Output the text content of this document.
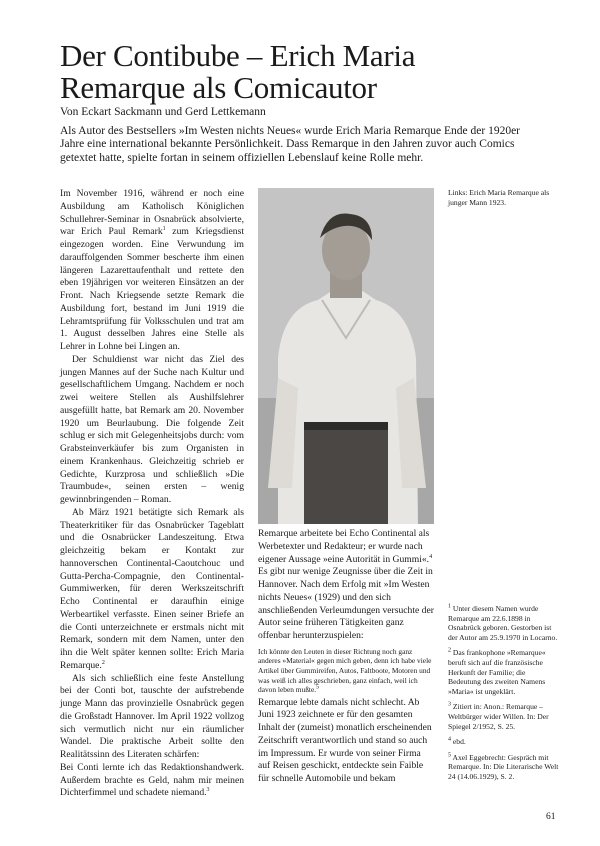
Der Contibube – Erich Maria Remarque als Comicautor
Von Eckart Sackmann und Gerd Lettkemann

Als Autor des Bestsellers »Im Westen nichts Neues« wurde Erich Maria Remarque Ende der 1920er Jahre eine international bekannte Persönlichkeit. Dass Remarque in den Jahren zuvor auch Comics getextet hatte, spielte fortan in seinem offiziellen Lebenslauf keine Rolle mehr.

Im November 1916, während er noch eine Ausbildung am Katholisch Königlichen Schullehrer-Seminar in Osnabrück absolvierte, war Erich Paul Remark$^1$ zum Kriegsdienst eingezogen worden. Eine Verwundung im darauffolgenden Sommer bescherte ihm einen längeren Lazarettaufenthalt und rettete den eben 19jährigen vor weiteren Einsätzen an der Front. Nach Kriegsende setzte Remark die Ausbildung fort, bestand im Juni 1919 die Lehramtsprüfung für Volksschulen und trat am 1. August desselben Jahres eine Stelle als Lehrer in Lohne bei Lingen an.

Der Schuldienst war nicht das Ziel des jungen Mannes auf der Suche nach Kultur und gesellschaftlichem Umgang. Nachdem er noch zwei weitere Stellen als Aushilfslehrer ausgefüllt hatte, bat Remark am 20. November 1920 um Beurlaubung. Die folgende Zeit schlug er sich mit Gelegenheitsjobs durch: vom Grabsteinverkäufer bis zum Organisten in einem Krankenhaus. Gleichzeitig schrieb er Gedichte, Kurzprosa und schließlich »Die Traumbude«, seinen ersten – wenig gewinnbringenden – Roman.

Ab März 1921 betätigte sich Remark als Theaterkritiker für das Osnabrücker Tageblatt und die Osnabrücker Landeszeitung. Etwa gleichzeitig bekam er Kontakt zur hannoverschen Continental-Caoutchouc und Gutta-Percha-Compagnie, den Continental-Gummiwerken, für deren Werkszeitschrift Echo Continental er daraufhin einige Werbeartikel verfasste. Einen seiner Briefe an die Conti unterzeichnete er erstmals nicht mit Remark, sondern mit dem Namen, unter den ihn die Welt später kennen sollte: Erich Maria Remarque.$^2$

Als sich schließlich eine feste Anstellung bei der Conti bot, tauschte der aufstrebende junge Mann das provinzielle Osnabrück gegen die Großstadt Hannover. Im April 1922 vollzog sich vermutlich nicht nur ein räumlicher Wandel. Die praktische Arbeit sollte den Realitätssinn des Literaten schärfen:

Bei Conti lernte ich das Redaktionshandwerk. Außerdem brachte es Geld, nahm mir meinen Dichterfimmel und schadete niemand.$^3$

Remarque arbeitete bei Echo Continental als Werbetexter und Redakteur; er wurde nach eigener Aussage »eine Autorität in Gummi«.$^4$ Es gibt nur wenige Zeugnisse über die Zeit in Hannover. Nach dem Erfolg mit »Im Westen nichts Neues« (1929) und den sich anschließenden Verleumdungen versuchte der Autor seine früheren Tätigkeiten ganz offenbar herunterzuspielen:

Ich könnte den Leuten in dieser Richtung noch ganz anderes »Material« gegen mich geben, denn ich habe viele Artikel über Gummireifen, Autos, Faltboote, Motoren und was weiß ich alles geschrieben, ganz einfach, weil ich davon leben mußte.$^5$

Remarque lebte damals nicht schlecht. Ab Juni 1923 zeichnete er für den gesamten Inhalt der (zumeist) monatlich erscheinenden Zeitschrift verantwortlich und stand so auch im Impressum. Er wurde von seiner Firma auf Reisen geschickt, entdeckte sein Faible für schnelle Automobile und bekam

Links: Erich Maria Remarque als junger Mann 1923.

$^1$ Unter diesem Namen wurde Remarque am 22.6.1898 in Osnabrück geboren. Gestorben ist der Autor am 25.9.1970 in Locarno.

$^2$ Das frankophone »Remarque« beruft sich auf die französische Herkunft der Familie; die Bedeutung des zweiten Namens »Maria« ist ungeklärt.

$^3$ Zitiert in: Anon.: Remarque – Weltbürger wider Willen. In: Der Spiegel 2/1952, S. 25.

$^4$ ebd.

$^5$ Axel Eggebrecht: Gespräch mit Remarque. In: Die Literarische Welt 24 (14.06.1929), S. 2.

61
